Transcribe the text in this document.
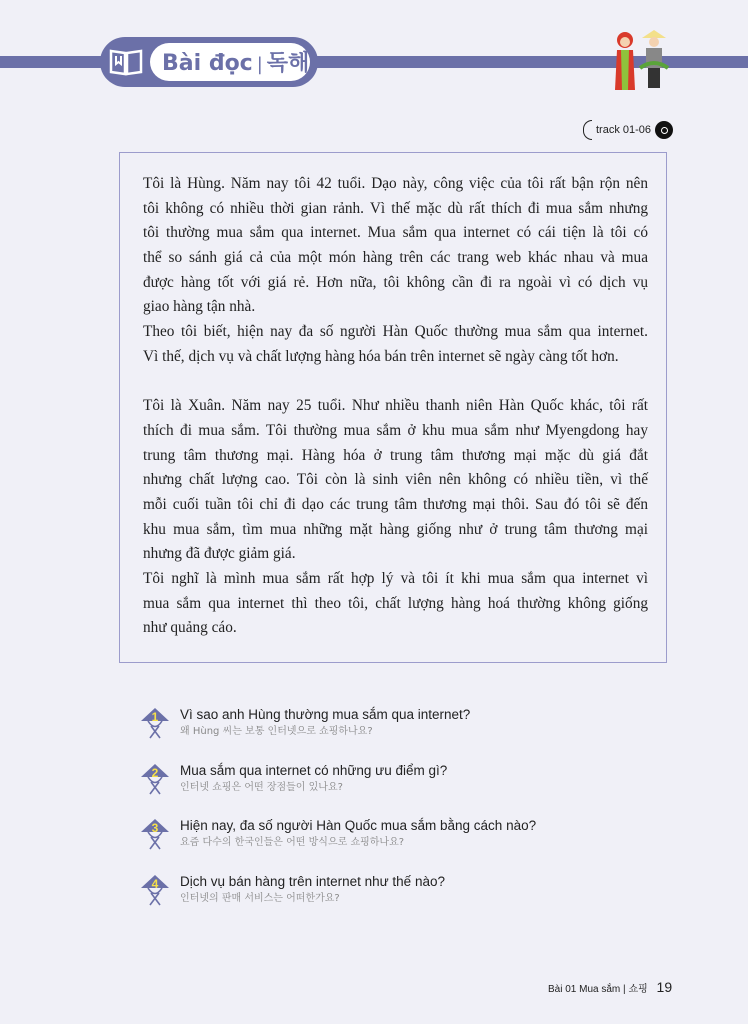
Bài đọc | 독해
track 01-06
Tôi là Hùng. Năm nay tôi 42 tuổi. Dạo này, công việc của tôi rất bận rộn nên
tôi không có nhiều thời gian rảnh. Vì thế mặc dù rất thích đi mua sắm nhưng
tôi thường mua sắm qua internet. Mua sắm qua internet có cái tiện là tôi có
thể so sánh giá cả của một món hàng trên các trang web khác nhau và mua
được hàng tốt với giá rẻ. Hơn nữa, tôi không cần đi ra ngoài vì có dịch vụ
giao hàng tận nhà.
Theo tôi biết, hiện nay đa số người Hàn Quốc thường mua sắm qua internet.
Vì thế, dịch vụ và chất lượng hàng hóa bán trên internet sẽ ngày càng tốt hơn.
Tôi là Xuân. Năm nay 25 tuổi. Như nhiều thanh niên Hàn Quốc khác, tôi rất
thích đi mua sắm. Tôi thường mua sắm ở khu mua sắm như Myengdong hay
trung tâm thương mại. Hàng hóa ở trung tâm thương mại mặc dù giá đắt
nhưng chất lượng cao. Tôi còn là sinh viên nên không có nhiều tiền, vì thế
mỗi cuối tuần tôi chỉ đi dạo các trung tâm thương mại thôi. Sau đó tôi sẽ đến
khu mua sắm, tìm mua những mặt hàng giống như ở trung tâm thương mại
nhưng đã được giảm giá.
Tôi nghĩ là mình mua sắm rất hợp lý và tôi ít khi mua sắm qua internet vì
mua sắm qua internet thì theo tôi, chất lượng hàng hoá thường không giống
như quảng cáo.
1	Vì sao anh Hùng thường mua sắm qua internet?
왜 Hùng 씨는 보통 인터넷으로 쇼핑하나요?
2	Mua sắm qua internet có những ưu điểm gì?
인터넷 쇼핑은 어떤 장점들이 있나요?
3	Hiện nay, đa số người Hàn Quốc mua sắm bằng cách nào?
요즘 다수의 한국인들은 어떤 방식으로 쇼핑하나요?
4	Dịch vụ bán hàng trên internet như thế nào?
인터넷의 판매 서비스는 어떠한가요?
Bài 01 Mua sắm | 쇼핑 19
